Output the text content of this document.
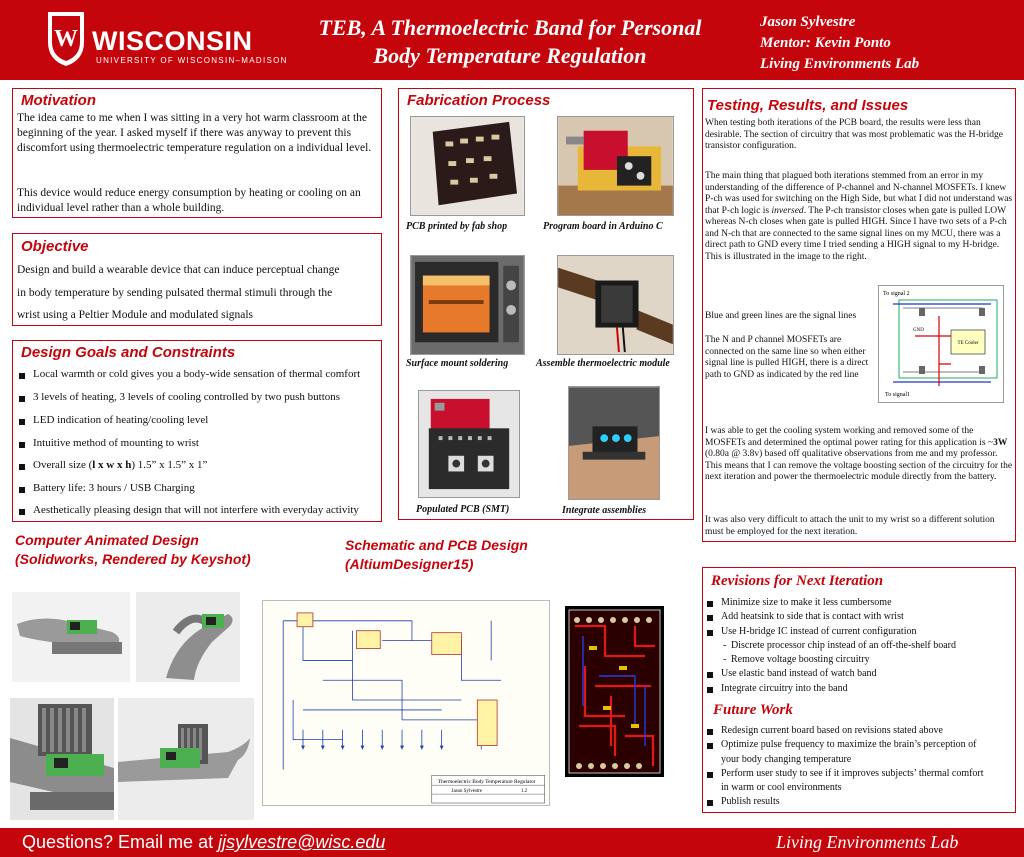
W WISCONSIN
UNIVERSITY OF WISCONSIN–MADISON
TEB, A Thermoelectric Band for Personal
Body Temperature Regulation
Jason Sylvestre
Mentor: Kevin Ponto
Living Environments Lab
Motivation
The idea came to me when I was sitting in a very hot warm classroom at the beginning of the year. I asked myself if there was anyway to prevent this discomfort using thermoelectric temperature regulation on a individual level.
This device would reduce energy consumption by heating or cooling on an individual level rather than a whole building.
Objective
Design and build a wearable device that can induce perceptual change
in body temperature by sending pulsated thermal stimuli through the
wrist using a Peltier Module and modulated signals
Design Goals and Constraints
Local warmth or cold gives you a body-wide sensation of thermal comfort
3 levels of heating, 3 levels of cooling controlled by two push buttons
LED indication of heating/cooling level
Intuitive method of mounting to wrist
Overall size (l x w x h) 1.5” x 1.5” x 1”
Battery life: 3 hours / USB Charging
Aesthetically pleasing design that will not interfere with everyday activity
Fabrication Process
PCB printed by fab shop	Program board in Arduino C
Surface mount soldering	Assemble thermoelectric module
Populated PCB (SMT)	Integrate assemblies
Testing, Results, and Issues
When testing both iterations of the PCB board, the results were less than desirable. The section of circuitry that was most problematic was the H-bridge transistor configuration.
The main thing that plagued both iterations stemmed from an error in my understanding of the difference of P-channel and N-channel MOSFETs. I knew P-ch was used for switching on the High Side, but what I did not understand was that P-ch logic is inversed. The P-ch transistor closes when gate is pulled LOW whereas N-ch closes when gate is pulled HIGH. Since I have two sets of a P-ch and N-ch that are connected to the same signal lines on my MCU, there was a direct path to GND every time I tried sending a HIGH signal to my H-bridge. This is illustrated in the image to the right.
Blue and green lines are the signal lines
The N and P channel MOSFETs are connected on the same line so when either signal line is pulled HIGH, there is a direct path to GND as indicated by the red line
I was able to get the cooling system working and removed some of the MOSFETs and determined the optimal power rating for this application is ~3W (0.80a @ 3.8v) based off qualitative observations from me and my professor. This means that I can remove the voltage boosting section of the circuitry for the next iteration and power the thermoelectric module directly from the battery.
It was also very difficult to attach the unit to my wrist so a different solution must be employed for the next iteration.
To signal 2
To signal1
TE Cooler
GND
Computer Animated Design
(Solidworks, Rendered by Keyshot)
Schematic and PCB Design
(AltiumDesigner15)
Thermoelectric Body Temperature Regulator
Jason Sylvestre	1.2
Revisions for Next Iteration
Minimize size to make it less cumbersome
Add heatsink to side that is contact with wrist
Use H-bridge IC instead of current configuration
- Discrete processor chip instead of an off-the-shelf board
- Remove voltage boosting circuitry
Use elastic band instead of watch band
Integrate circuitry into the band
Future Work
Redesign current board based on revisions stated above
Optimize pulse frequency to maximize the brain’s perception of
your body changing temperature
Perform user study to see if it improves subjects’ thermal comfort
in warm or cool environments
Publish results
Questions? Email me at jjsylvestre@wisc.edu	Living Environments Lab
